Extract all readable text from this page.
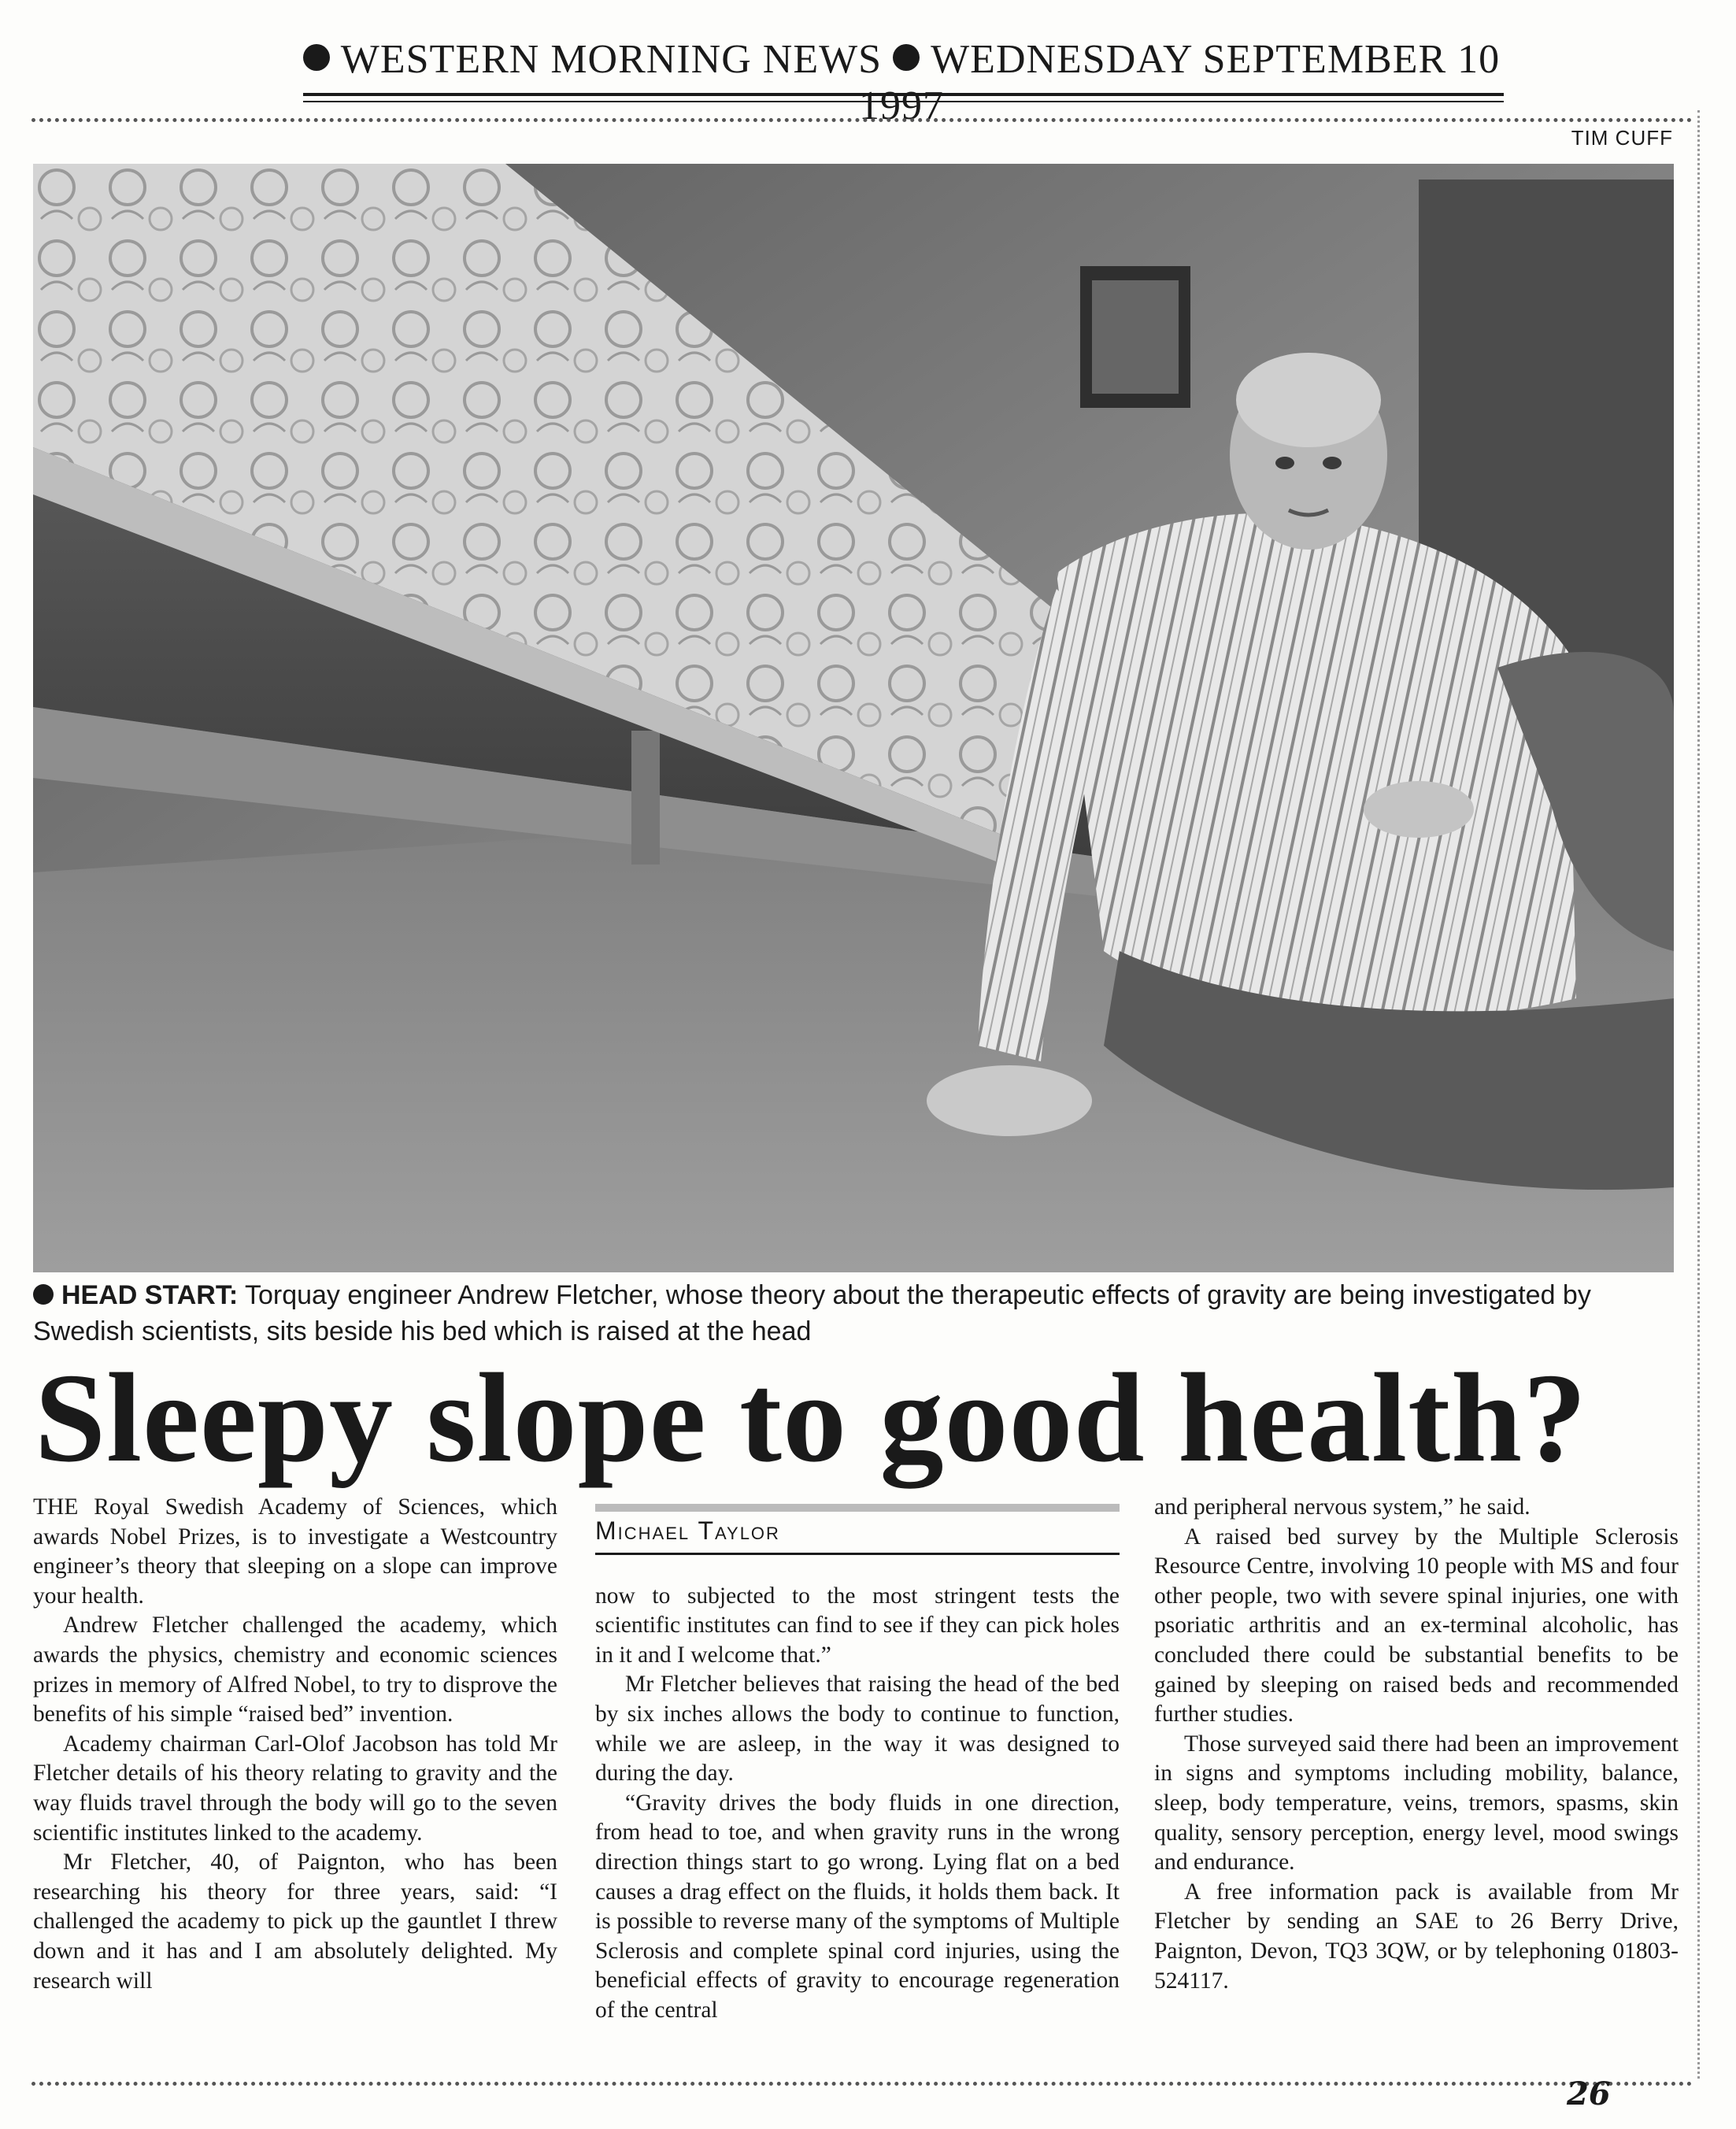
WESTERN MORNING NEWS WEDNESDAY SEPTEMBER 10 1997
TIM CUFF
HEAD START: Torquay engineer Andrew Fletcher, whose theory about the therapeutic effects of gravity are being investigated by Swedish scientists, sits beside his bed which is raised at the head
Sleepy slope to good health?

THE Royal Swedish Academy of Sciences, which awards Nobel Prizes, is to investigate a Westcountry engineer’s theory that sleeping on a slope can improve your health.

Andrew Fletcher challenged the academy, which awards the physics, chemistry and economic sciences prizes in memory of Alfred Nobel, to try to disprove the benefits of his simple “raised bed” invention.

Academy chairman Carl-Olof Jacobson has told Mr Fletcher details of his theory relating to gravity and the way fluids travel through the body will go to the seven scientific institutes linked to the academy.

Mr Fletcher, 40, of Paignton, who has been researching his theory for three years, said: “I challenged the academy to pick up the gauntlet I threw down and it has and I am absolutely delighted. My research will

Michael Taylor

now to subjected to the most stringent tests the scientific institutes can find to see if they can pick holes in it and I welcome that.”

Mr Fletcher believes that raising the head of the bed by six inches allows the body to continue to function, while we are asleep, in the way it was designed to during the day.

“Gravity drives the body fluids in one direction, from head to toe, and when gravity runs in the wrong direction things start to go wrong. Lying flat on a bed causes a drag effect on the fluids, it holds them back. It is possible to reverse many of the symptoms of Multiple Sclerosis and complete spinal cord injuries, using the beneficial effects of gravity to encourage regeneration of the central

and peripheral nervous system,” he said.

A raised bed survey by the Multiple Sclerosis Resource Centre, involving 10 people with MS and four other people, two with severe spinal injuries, one with psoriatic arthritis and an ex-terminal alcoholic, has concluded there could be substantial benefits to be gained by sleeping on raised beds and recommended further studies.

Those surveyed said there had been an improvement in signs and symptoms including mobility, balance, sleep, body temperature, veins, tremors, spasms, skin quality, sensory perception, energy level, mood swings and endurance.

A free information pack is available from Mr Fletcher by sending an SAE to 26 Berry Drive, Paignton, Devon, TQ3 3QW, or by telephoning 01803-524117.

26
